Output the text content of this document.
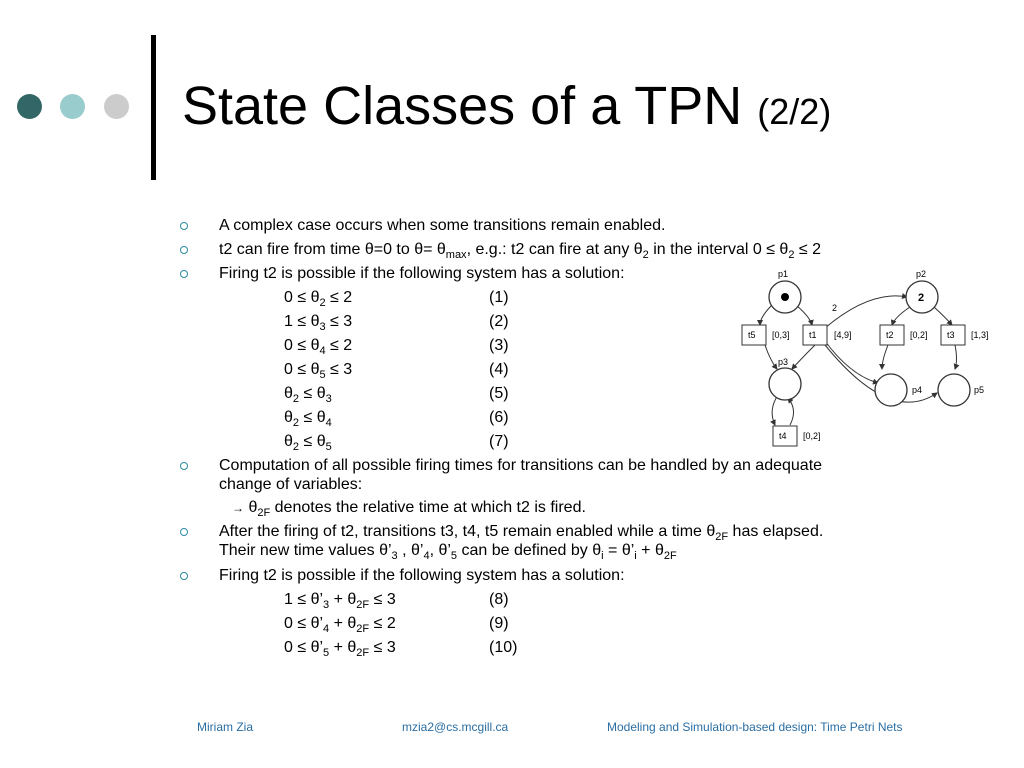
State Classes of a TPN (2/2)
A complex case occurs when some transitions remain enabled.
t2 can fire from time θ=0 to $\theta= \theta_{max}$, e.g.: t2 can fire at any $\theta_2$ in the interval $0 \le \theta_2 \le 2$
Firing t2 is possible if the following system has a solution:
$0 \le \theta_2 \le 2$	(1)
$1 \le \theta_3 \le 3$	(2)
$0 \le \theta_4 \le 2$	(3)
$0 \le \theta_5 \le 3$	(4)
$\theta_2 \le \theta_3$	(5)
$\theta_2 \le \theta_4$	(6)
$\theta_2 \le \theta_5$	(7)
Computation of all possible firing times for transitions can be handled by an adequate
change of variables:
→ $\theta_{2F}$ denotes the relative time at which t2 is fired.
After the firing of t2, transitions t3, t4, t5 remain enabled while a time $\theta_{2F}$ has elapsed.
Their new time values $\theta’_3$ , $\theta’_4$, $\theta’_5$ can be defined by $\theta_i$ = $\theta’_i + \theta_{2F}$
Firing t2 is possible if the following system has a solution:
$1 \le \theta’_3 + \theta_{2F} \le 3$	(8)
$0 \le \theta’_4 + \theta_{2F} \le 2$	(9)
$0 \le \theta’_5 + \theta_{2F} \le 3$	(10)
p1	p2
p3
p4	p5
2
t5	t1	t2	t3
t4
[0,3]	[4,9]	[0,2]	[1,3]
[0,2]
2
Miriam Zia	mzia2@cs.mcgill.ca	Modeling and Simulation-based design: Time Petri Nets
